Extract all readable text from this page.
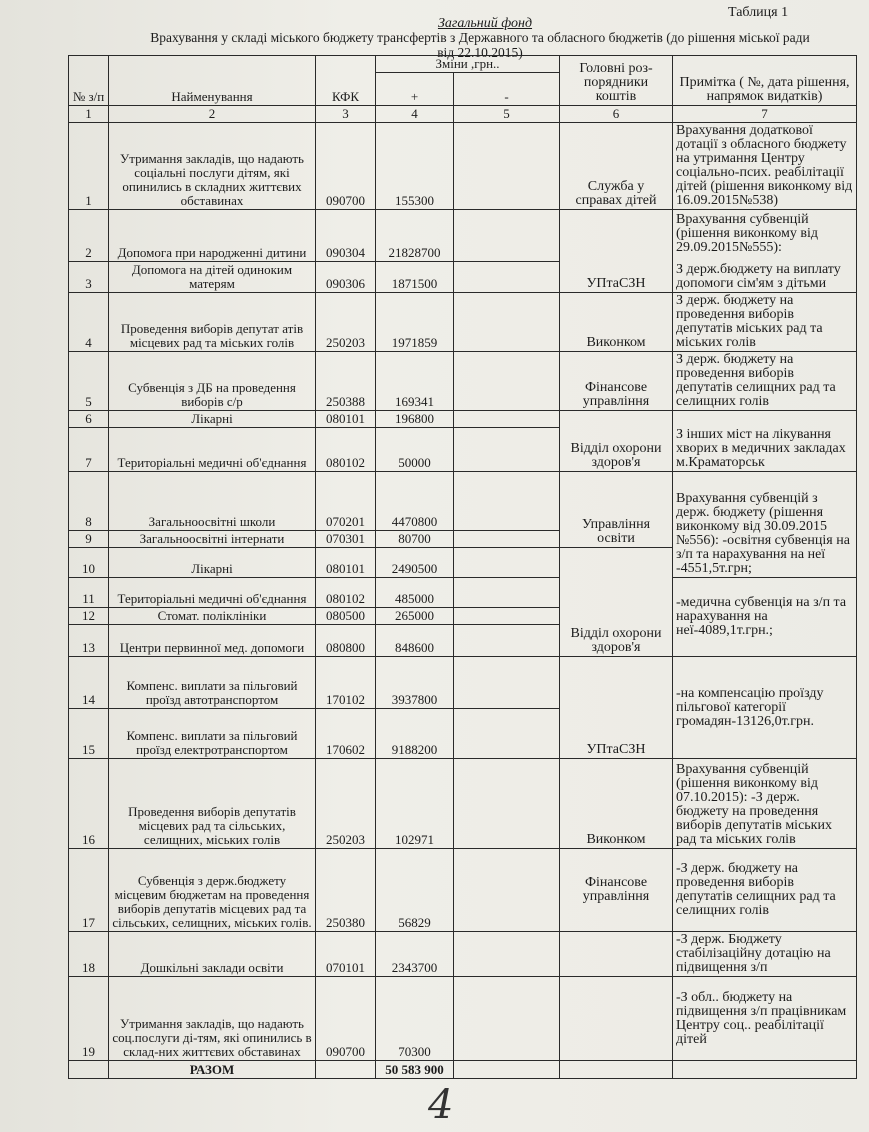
Таблиця 1
Загальний фонд
Врахування у складі міського бюджету трансфертів з Державного та обласного бюджетів (до рішення міської ради
від 22.10.2015)
№ з/п	Найменування	КФК	Зміни ,грн..		Головні роз-порядники коштів	Примітка ( №, дата рішення, напрямок видатків)
			+	-		
1	2	3	4	5	6	7
1	Утримання закладів, що надають соціальні послуги дітям, які опинились в складних життєвих обставинах	090700	155300		Служба у справах дітей	Врахування додаткової дотації з обласного бюджету на утримання Центру соціально-псих. реабілітації дітей (рішення виконкому від 16.09.2015№538)
2	Допомога при народженні дитини	090304	21828700		УПтаСЗН	Врахування субвенцій (рішення виконкому від 29.09.2015№555):
З держ.бюджету на виплату допомоги сім'ям з дітьми

3	Допомога на дітей одиноким матерям	090306	1871500			
4	Проведення виборів депутат атів місцевих рад та міських голів	250203	1971859		Виконком	З держ. бюджету на проведення виборів депутатів міських рад та міських голів
5	Субвенція з ДБ на проведення виборів с/р	250388	169341		Фінансове управління	З держ. бюджету на проведення виборів депутатів селищних рад та селищних голів
6	Лікарні	080101	196800		Відділ охорони здоров'я	З інших міст на лікування хворих в медичних закладах м.Краматорськ
7	Територіальні медичні об'єднання	080102	50000			
8	Загальноосвітні школи	070201	4470800		Управління освіти	Врахування субвенцій з держ. бюджету (рішення виконкому від 30.09.2015 №556): -освітня субвенція на з/п та нарахування на неї -4551,5т.грн;
9	Загальноосвітні інтернати	070301	80700			
10	Лікарні	080101	2490500		Відділ охорони здоров'я	
11	Територіальні медичні об'єднання	080102	485000			-медична субвенція на з/п та нарахування на неї-4089,1т.грн.;
12	Стомат. поліклініки	080500	265000			
13	Центри первинної мед. допомоги	080800	848600			
14	Компенс. виплати за пільговий проїзд автотранспортом	170102	3937800		УПтаСЗН	-на компенсацію проїзду пільгової категорії громадян-13126,0т.грн.
15	Компенс. виплати за пільговий проїзд електротранспортом	170602	9188200			
16	Проведення виборів депутатів місцевих рад та сільських, селищних, міських голів	250203	102971		Виконком	Врахування субвенцій (рішення виконкому від 07.10.2015): -З держ. бюджету на проведення виборів депутатів міських рад та міських голів
17	Субвенція з держ.бюджету місцевим бюджетам на проведення виборів депутатів місцевих рад та сільських, селищних, міських голів.	250380	56829		Фінансове управління	-З держ. бюджету на проведення виборів депутатів селищних рад та селищних голів
18	Дошкільні заклади освіти	070101	2343700			-З держ. Бюджету стабілізаційну дотацію на підвищення з/п
19	Утримання закладів, що надають соц.послуги ді-тям, які опинились в склад-них життєвих обставинах	090700	70300			-З обл.. бюджету на підвищення з/п працівникам Центру соц.. реабілітації дітей
	РАЗОМ		50 583 900			
4
